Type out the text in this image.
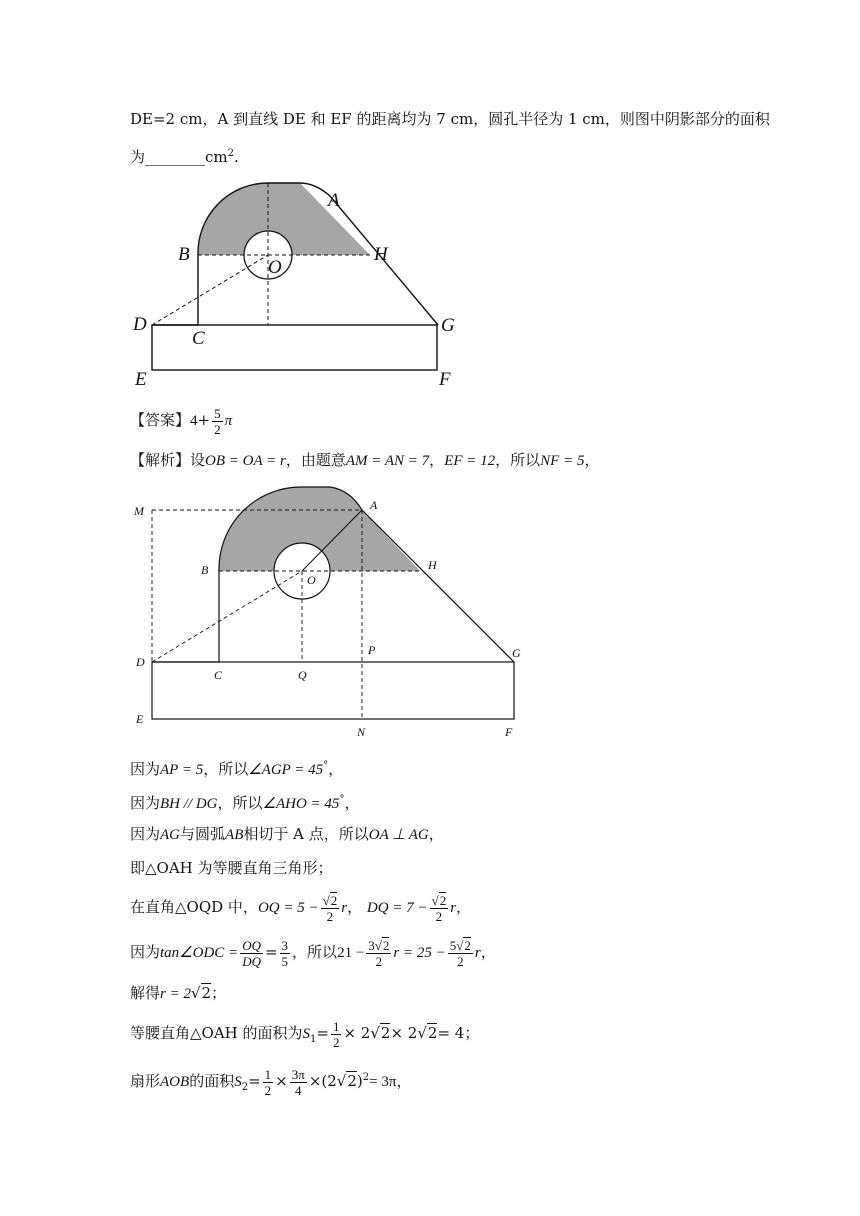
DE=2 cm，A 到直线 DE 和 EF 的距离均为 7 cm，圆孔半径为 1 cm，则图中阴影部分的面积
为$\_\_\_\_\_\_\_\_cm^2$.
A
B	H
O
D
C
G
E	F
【答案】$4+ \frac{5}{2}$ π
【解析】设OB = OA = r，由题意AM = AN = 7，EF = 12，所以NF = 5，
M	A
B
O
H
D
C	Q
P	G
E
N	F
因为AP = 5，所以∠AGP = 45°，
因为BH // DG，所以∠AHO = 45°，
因为AG与圆弧AB相切于 A 点，所以OA ⊥ AG，
即△OAH 为等腰直角三角形；
在直角△OQD 中，OQ = $5 - \frac{√2}{2}$ r， DQ = $7 - \frac{√2}{2}$ r，
因为tan∠ODC = $\frac{OQ}{DQ} = \frac{3}{5}$ ，所以$21 - \frac{3√2}{2}$ $r = 25 - \frac{5√2}{2}$ r，
解得r = 2√2；
等腰直角△OAH 的面积为$S_1= \frac{1}{2} \times 2√2\times 2√2= 4$；
扇形AOB的面积$S_2= \frac{1}{2} \times \frac{3\pi}{4} \times(2√2)^2= 3\pi$，
